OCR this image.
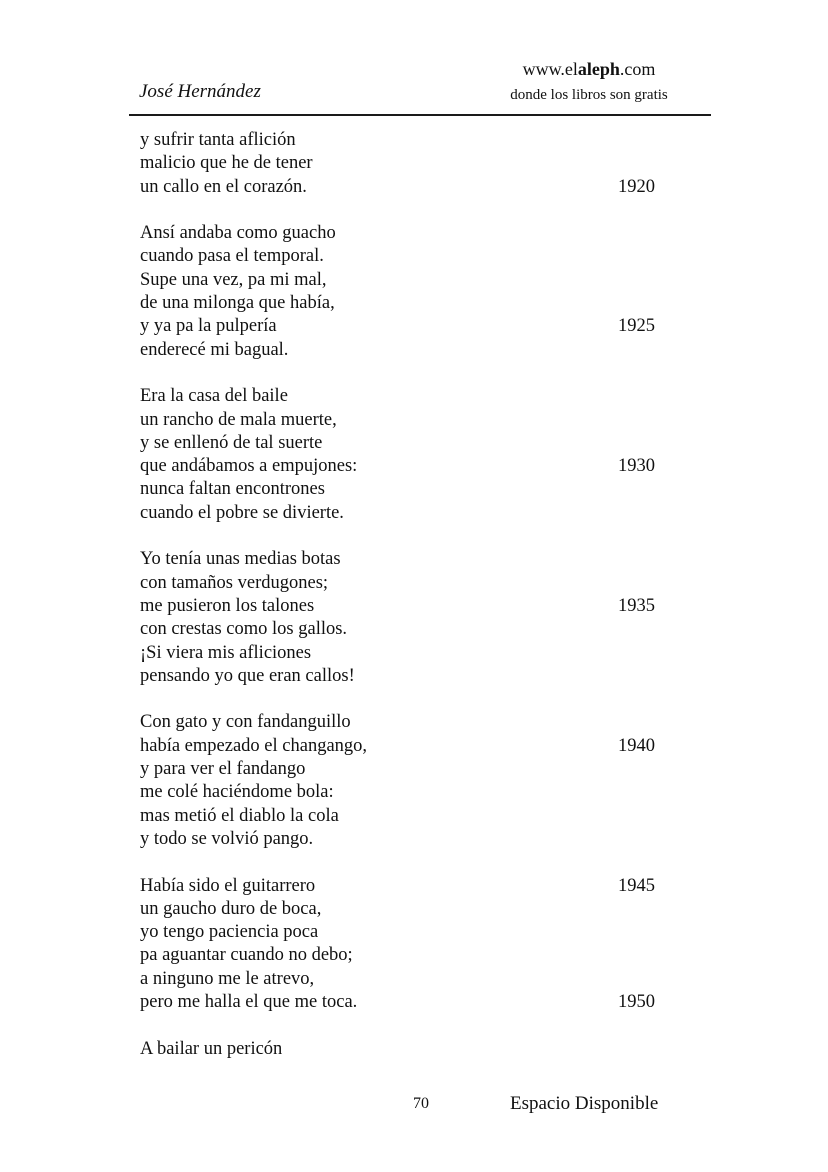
José Hernández
www.elaleph.com
donde los libros son gratis
y sufrir tanta aflición
malicio que he de tener
un callo en el corazón.	1920
Ansí andaba como guacho
cuando pasa el temporal.
Supe una vez, pa mi mal,
de una milonga que había,
y ya pa la pulpería	1925
enderecé mi bagual.
Era la casa del baile
un rancho de mala muerte,
y se enllenó de tal suerte
que andábamos a empujones:	1930
nunca faltan encontrones
cuando el pobre se divierte.
Yo tenía unas medias botas
con tamaños verdugones;
me pusieron los talones	1935
con crestas como los gallos.
¡Si viera mis afliciones
pensando yo que eran callos!
Con gato y con fandanguillo
había empezado el changango,	1940
y para ver el fandango
me colé haciéndome bola:
mas metió el diablo la cola
y todo se volvió pango.
Había sido el guitarrero	1945
un gaucho duro de boca,
yo tengo paciencia poca
pa aguantar cuando no debo;
a ninguno me le atrevo,
pero me halla el que me toca.	1950
A bailar un pericón
70	Espacio Disponible
